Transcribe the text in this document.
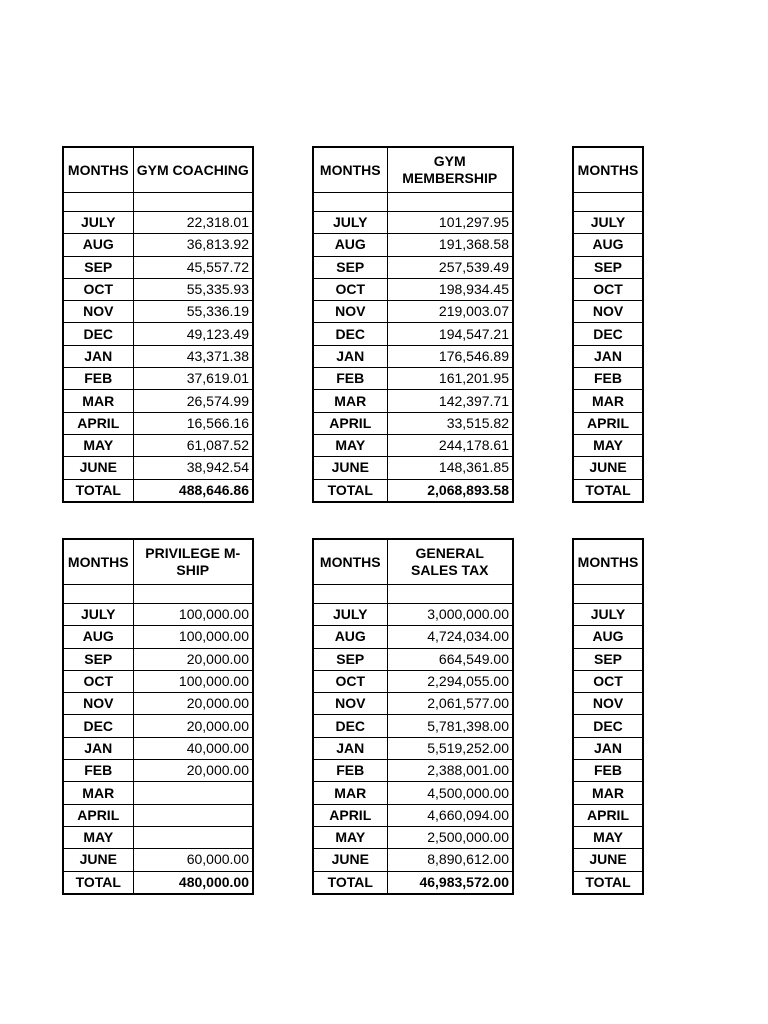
MONTHS	GYM COACHING

JULY	22,318.01
AUG	36,813.92
SEP	45,557.72
OCT	55,335.93
NOV	55,336.19
DEC	49,123.49
JAN	43,371.38
FEB	37,619.01
MAR	26,574.99
APRIL	16,566.16
MAY	61,087.52
JUNE	38,942.54
TOTAL	488,646.86
MONTHS	GYM MEMBERSHIP

JULY	101,297.95
AUG	191,368.58
SEP	257,539.49
OCT	198,934.45
NOV	219,003.07
DEC	194,547.21
JAN	176,546.89
FEB	161,201.95
MAR	142,397.71
APRIL	33,515.82
MAY	244,178.61
JUNE	148,361.85
TOTAL	2,068,893.58
MONTHS

JULY
AUG
SEP
OCT
NOV
DEC
JAN
FEB
MAR
APRIL
MAY
JUNE
TOTAL
MONTHS	PRIVILEGE M-SHIP

JULY	100,000.00
AUG	100,000.00
SEP	20,000.00
OCT	100,000.00
NOV	20,000.00
DEC	20,000.00
JAN	40,000.00
FEB	20,000.00
MAR	
APRIL	
MAY	
JUNE	60,000.00
TOTAL	480,000.00
MONTHS	GENERAL SALES TAX

JULY	3,000,000.00
AUG	4,724,034.00
SEP	664,549.00
OCT	2,294,055.00
NOV	2,061,577.00
DEC	5,781,398.00
JAN	5,519,252.00
FEB	2,388,001.00
MAR	4,500,000.00
APRIL	4,660,094.00
MAY	2,500,000.00
JUNE	8,890,612.00
TOTAL	46,983,572.00
MONTHS

JULY
AUG
SEP
OCT
NOV
DEC
JAN
FEB
MAR
APRIL
MAY
JUNE
TOTAL
